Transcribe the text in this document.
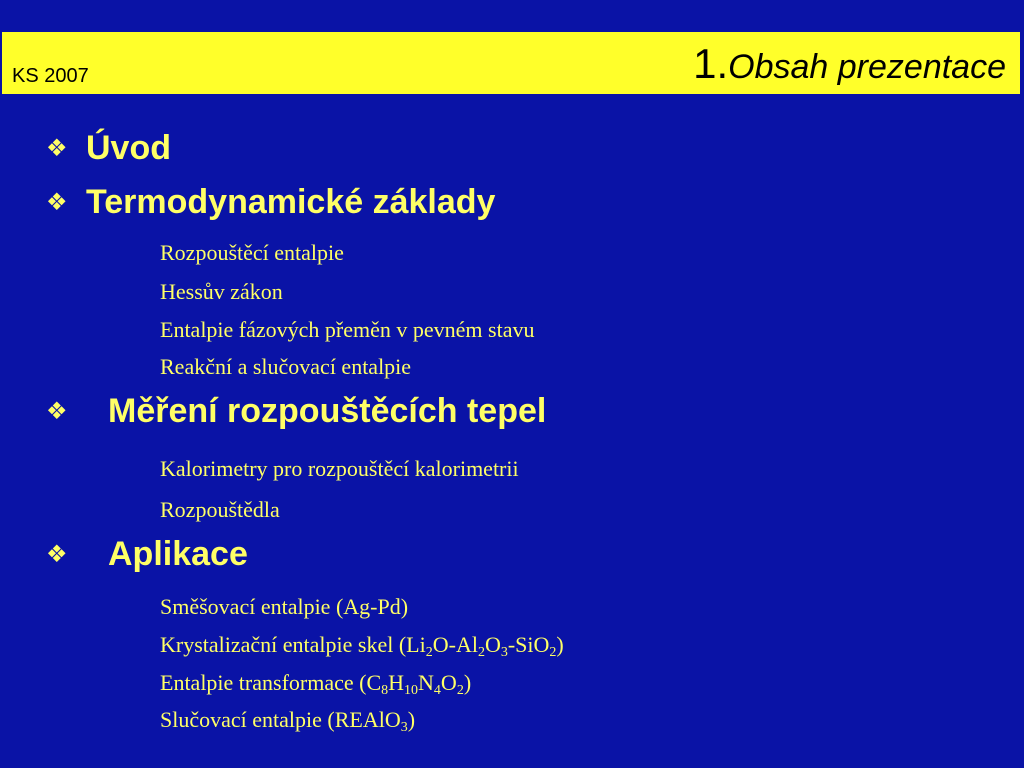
KS 2007	1.Obsah prezentace
❖ Úvod
❖ Termodynamické základy
Rozpouštěcí entalpie
Hessův zákon
Entalpie fázových přeměn v pevném stavu
Reakční a slučovací entalpie
❖ Měření rozpouštěcích tepel
Kalorimetry pro rozpouštěcí kalorimetrii
Rozpouštědla
❖ Aplikace
Směšovací entalpie (Ag-Pd)
Krystalizační entalpie skel $(Li_2O-Al_2O_3-SiO_2)$
Entalpie transformace $(C_8H_{10}N_4O_2)$
Slučovací entalpie (REAlO$_3$)
